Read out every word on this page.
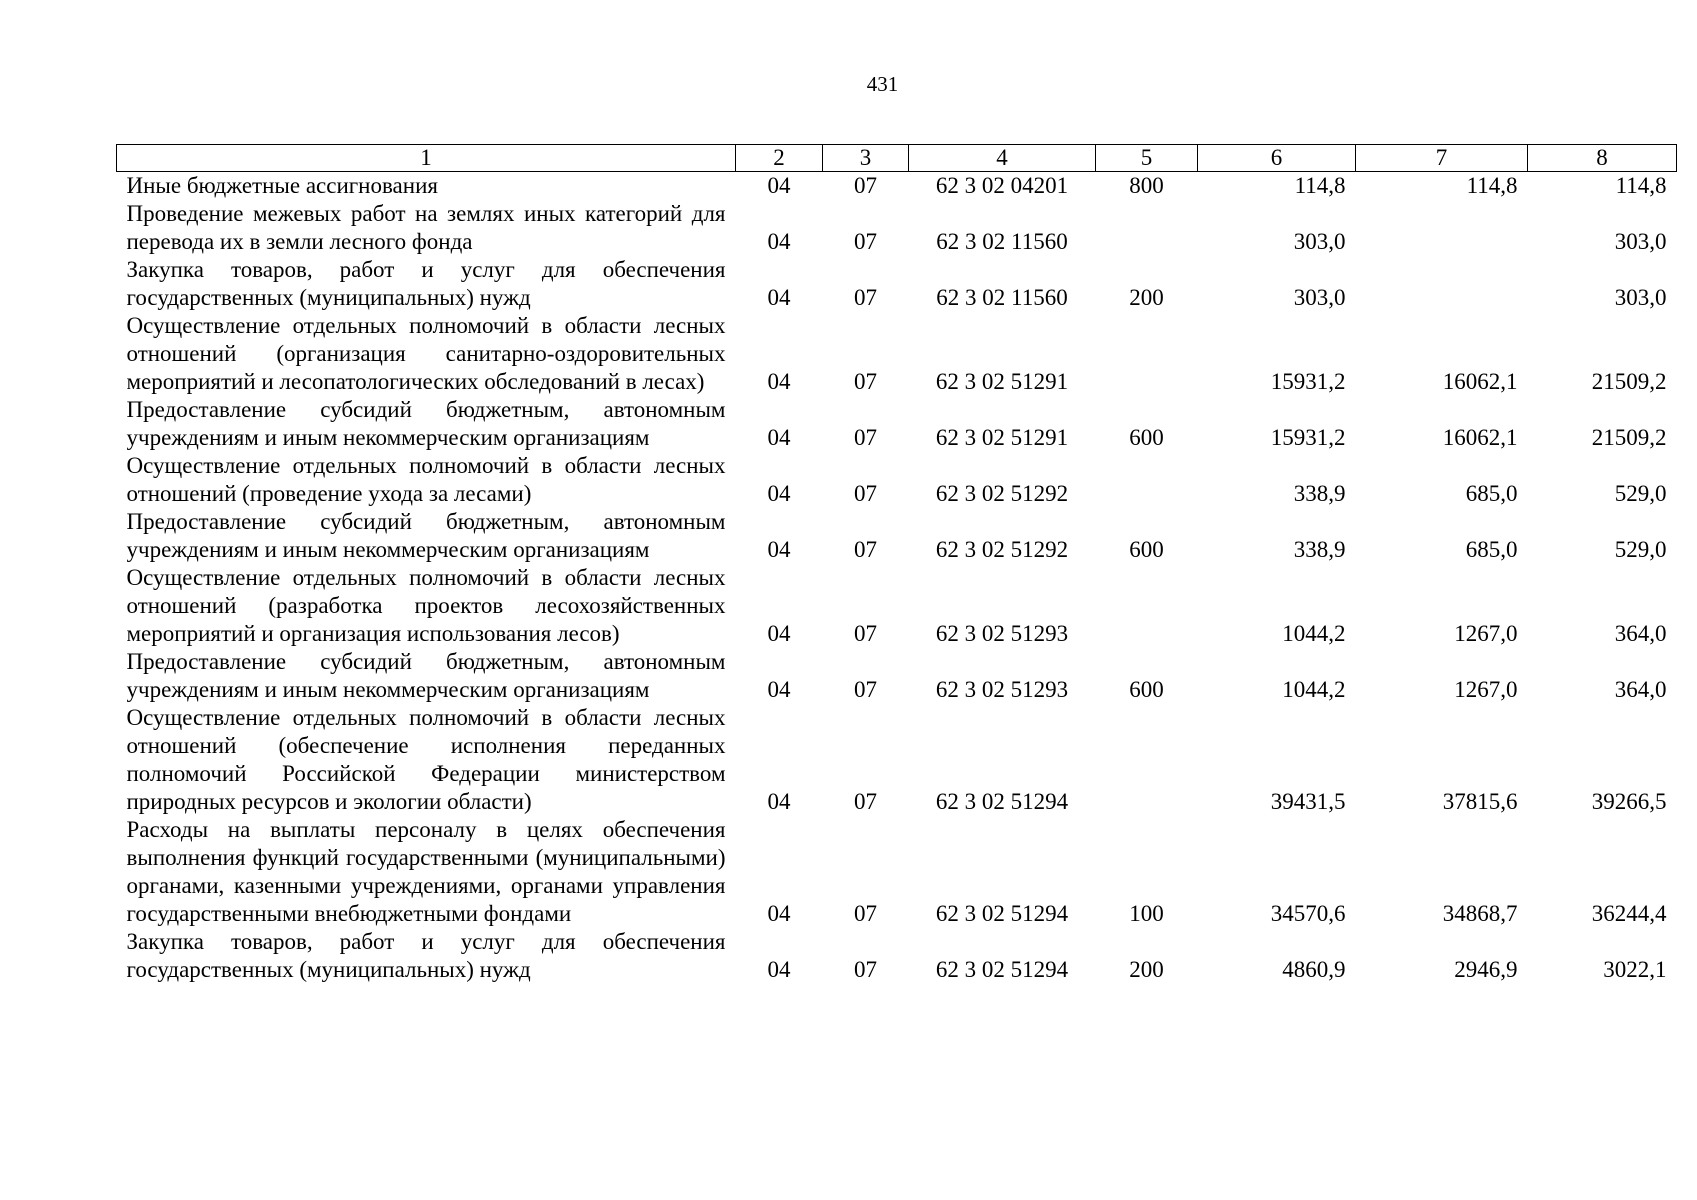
431
1	2	3	4	5	6	7	8
Иные бюджетные ассигнования	04	07	62 3 02 04201	800	114,8	114,8	114,8
Проведение межевых работ на землях иных категорий для перевода их в земли лесного фонда	04	07	62 3 02 11560		303,0		303,0
Закупка товаров, работ и услуг для обеспечения государственных (муниципальных) нужд	04	07	62 3 02 11560	200	303,0		303,0
Осуществление отдельных полномочий в области лесных отношений (организация санитарно-оздоровительных мероприятий и лесопатологических обследований в лесах)	04	07	62 3 02 51291		15931,2	16062,1	21509,2
Предоставление субсидий бюджетным, автономным учреждениям и иным некоммерческим организациям	04	07	62 3 02 51291	600	15931,2	16062,1	21509,2
Осуществление отдельных полномочий в области лесных отношений (проведение ухода за лесами)	04	07	62 3 02 51292		338,9	685,0	529,0
Предоставление субсидий бюджетным, автономным учреждениям и иным некоммерческим организациям	04	07	62 3 02 51292	600	338,9	685,0	529,0
Осуществление отдельных полномочий в области лесных отношений (разработка проектов лесохозяйственных мероприятий и организация использования лесов)	04	07	62 3 02 51293		1044,2	1267,0	364,0
Предоставление субсидий бюджетным, автономным учреждениям и иным некоммерческим организациям	04	07	62 3 02 51293	600	1044,2	1267,0	364,0
Осуществление отдельных полномочий в области лесных отношений (обеспечение исполнения переданных полномочий Российской Федерации министерством природных ресурсов и экологии области)	04	07	62 3 02 51294		39431,5	37815,6	39266,5
Расходы на выплаты персоналу в целях обеспечения выполнения функций государственными (муниципальными) органами, казенными учреждениями, органами управления государственными внебюджетными фондами	04	07	62 3 02 51294	100	34570,6	34868,7	36244,4
Закупка товаров, работ и услуг для обеспечения государственных (муниципальных) нужд	04	07	62 3 02 51294	200	4860,9	2946,9	3022,1
